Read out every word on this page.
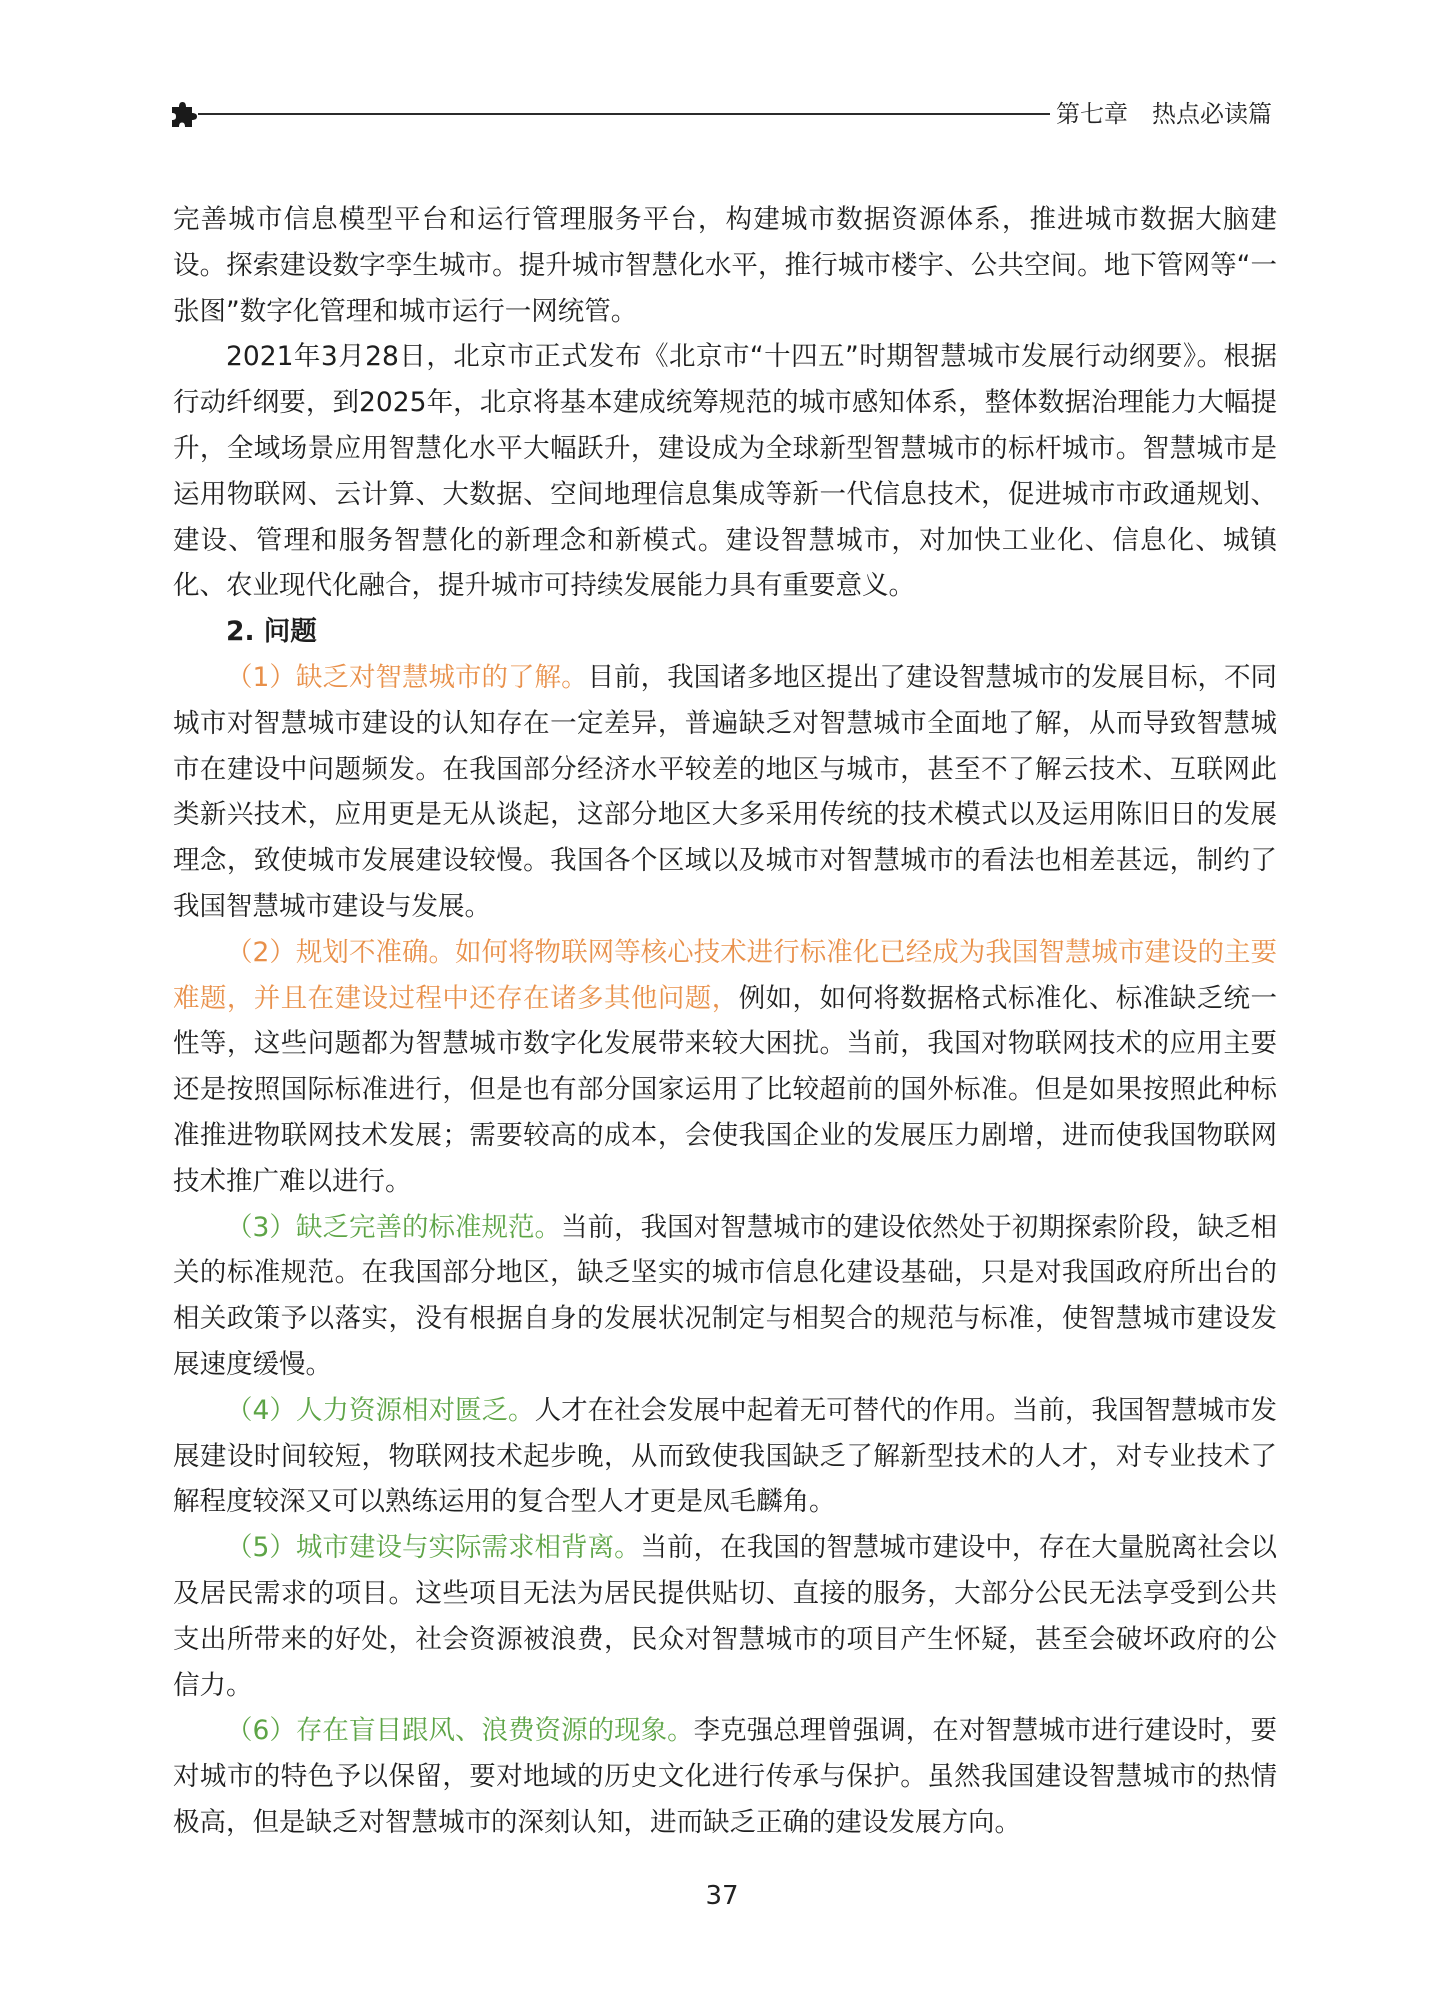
第七章　热点必读篇

完善城市信息模型平台和运行管理服务平台，构建城市数据资源体系，推进城市数据大脑建设。探索建设数字孪生城市。提升城市智慧化水平，推行城市楼宇、公共空间。地下管网等“一张图”数字化管理和城市运行一网统管。

2021年3月28日，北京市正式发布《北京市“十四五”时期智慧城市发展行动纲要》。根据行动纤纲要，到2025年，北京将基本建成统筹规范的城市感知体系，整体数据治理能力大幅提升，全域场景应用智慧化水平大幅跃升，建设成为全球新型智慧城市的标杆城市。智慧城市是运用物联网、云计算、大数据、空间地理信息集成等新一代信息技术，促进城市市政通规划、建设、管理和服务智慧化的新理念和新模式。建设智慧城市，对加快工业化、信息化、城镇化、农业现代化融合，提升城市可持续发展能力具有重要意义。

2. 问题

（1）缺乏对智慧城市的了解。目前，我国诸多地区提出了建设智慧城市的发展目标，不同城市对智慧城市建设的认知存在一定差异，普遍缺乏对智慧城市全面地了解，从而导致智慧城市在建设中问题频发。在我国部分经济水平较差的地区与城市，甚至不了解云技术、互联网此类新兴技术，应用更是无从谈起，这部分地区大多采用传统的技术模式以及运用陈旧日的发展理念，致使城市发展建设较慢。我国各个区域以及城市对智慧城市的看法也相差甚远，制约了我国智慧城市建设与发展。

（2）规划不准确。如何将物联网等核心技术进行标准化已经成为我国智慧城市建设的主要难题，并且在建设过程中还存在诸多其他问题，例如，如何将数据格式标准化、标准缺乏统一性等，这些问题都为智慧城市数字化发展带来较大困扰。当前，我国对物联网技术的应用主要还是按照国际标准进行，但是也有部分国家运用了比较超前的国外标准。但是如果按照此种标准推进物联网技术发展；需要较高的成本，会使我国企业的发展压力剧增，进而使我国物联网技术推广难以进行。

（3）缺乏完善的标准规范。当前，我国对智慧城市的建设依然处于初期探索阶段，缺乏相关的标准规范。在我国部分地区，缺乏坚实的城市信息化建设基础，只是对我国政府所出台的相关政策予以落实，没有根据自身的发展状况制定与相契合的规范与标准，使智慧城市建设发展速度缓慢。

（4）人力资源相对匮乏。人才在社会发展中起着无可替代的作用。当前，我国智慧城市发展建设时间较短，物联网技术起步晚，从而致使我国缺乏了解新型技术的人才，对专业技术了解程度较深又可以熟练运用的复合型人才更是凤毛麟角。

（5）城市建设与实际需求相背离。当前，在我国的智慧城市建设中，存在大量脱离社会以及居民需求的项目。这些项目无法为居民提供贴切、直接的服务，大部分公民无法享受到公共支出所带来的好处，社会资源被浪费，民众对智慧城市的项目产生怀疑，甚至会破坏政府的公信力。

（6）存在盲目跟风、浪费资源的现象。李克强总理曾强调，在对智慧城市进行建设时，要对城市的特色予以保留，要对地域的历史文化进行传承与保护。虽然我国建设智慧城市的热情极高，但是缺乏对智慧城市的深刻认知，进而缺乏正确的建设发展方向。

37
